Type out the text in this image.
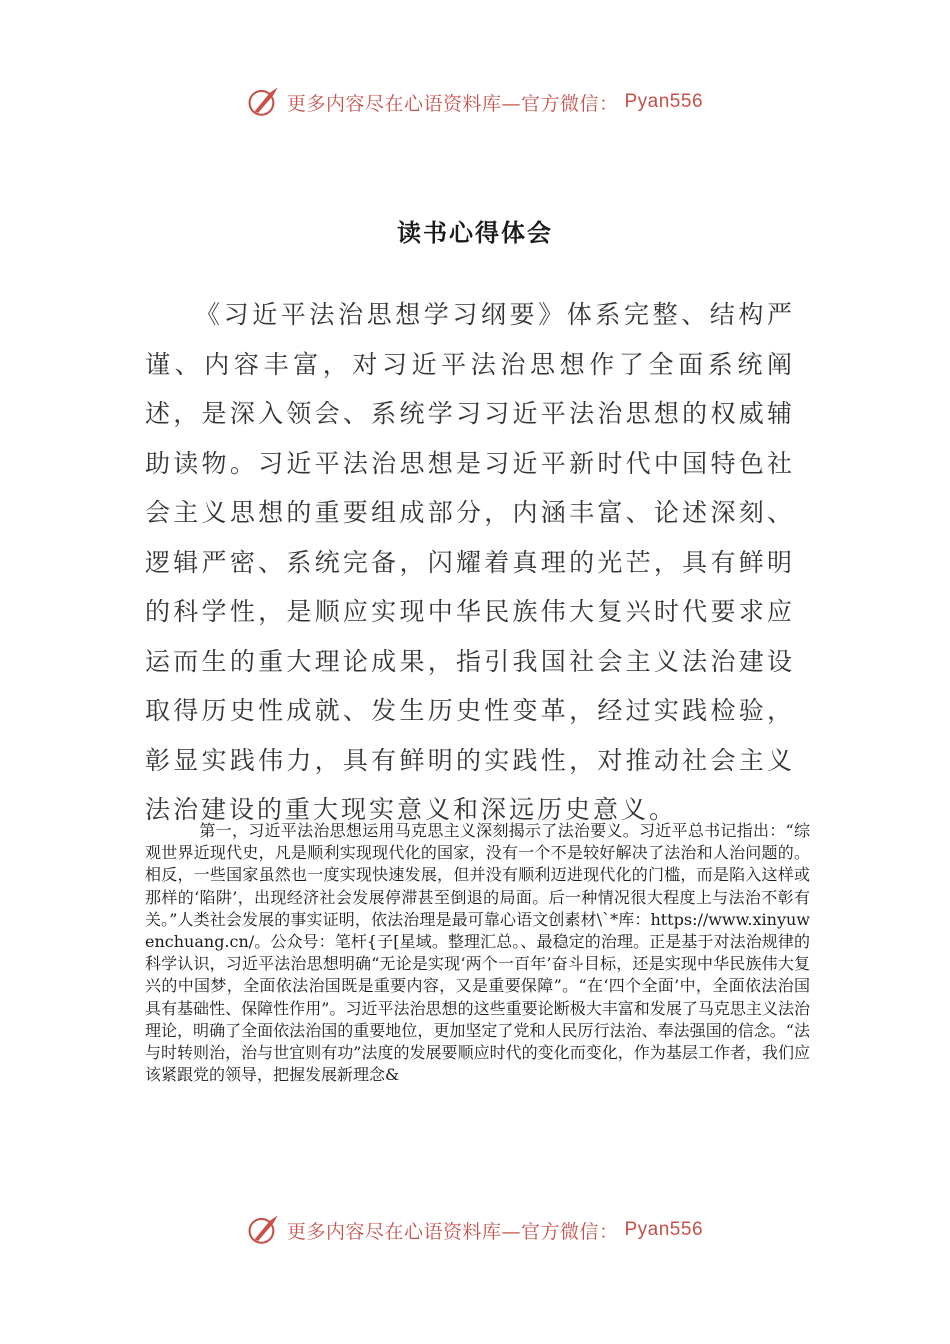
更多内容尽在心语资料库—官方微信： Pyan556
读书心得体会

《习近平法治思想学习纲要》体系完整、结构严谨、内容丰富，对习近平法治思想作了全面系统阐述，是深入领会、系统学习习近平法治思想的权威辅助读物。习近平法治思想是习近平新时代中国特色社会主义思想的重要组成部分，内涵丰富、论述深刻、逻辑严密、系统完备，闪耀着真理的光芒，具有鲜明的科学性，是顺应实现中华民族伟大复兴时代要求应运而生的重大理论成果，指引我国社会主义法治建设取得历史性成就、发生历史性变革，经过实践检验，彰显实践伟力，具有鲜明的实践性，对推动社会主义法治建设的重大现实意义和深远历史意义。

第一，习近平法治思想运用马克思主义深刻揭示了法治要义。习近平总书记指出：“综观世界近现代史，凡是顺利实现现代化的国家，没有一个不是较好解决了法治和人治问题的。相反，一些国家虽然也一度实现快速发展，但并没有顺利迈进现代化的门槛，而是陷入这样或那样的‘陷阱’，出现经济社会发展停滞甚至倒退的局面。后一种情况很大程度上与法治不彰有关。”人类社会发展的事实证明，依法治理是最可靠心语文创素材\`*库：https://www.xinyuwenchuang.cn/。公众号：笔杆{子[星域。整理汇总。、最稳定的治理。正是基于对法治规律的科学认识，习近平法治思想明确“无论是实现‘两个一百年’奋斗目标，还是实现中华民族伟大复兴的中国梦，全面依法治国既是重要内容，又是重要保障”。“在‘四个全面’中，全面依法治国具有基础性、保障性作用”。习近平法治思想的这些重要论断极大丰富和发展了马克思主义法治理论，明确了全面依法治国的重要地位，更加坚定了党和人民厉行法治、奉法强国的信念。“法与时转则治，治与世宜则有功”法度的发展要顺应时代的变化而变化，作为基层工作者，我们应该紧跟党的领导，把握发展新理念&

更多内容尽在心语资料库—官方微信： Pyan556
